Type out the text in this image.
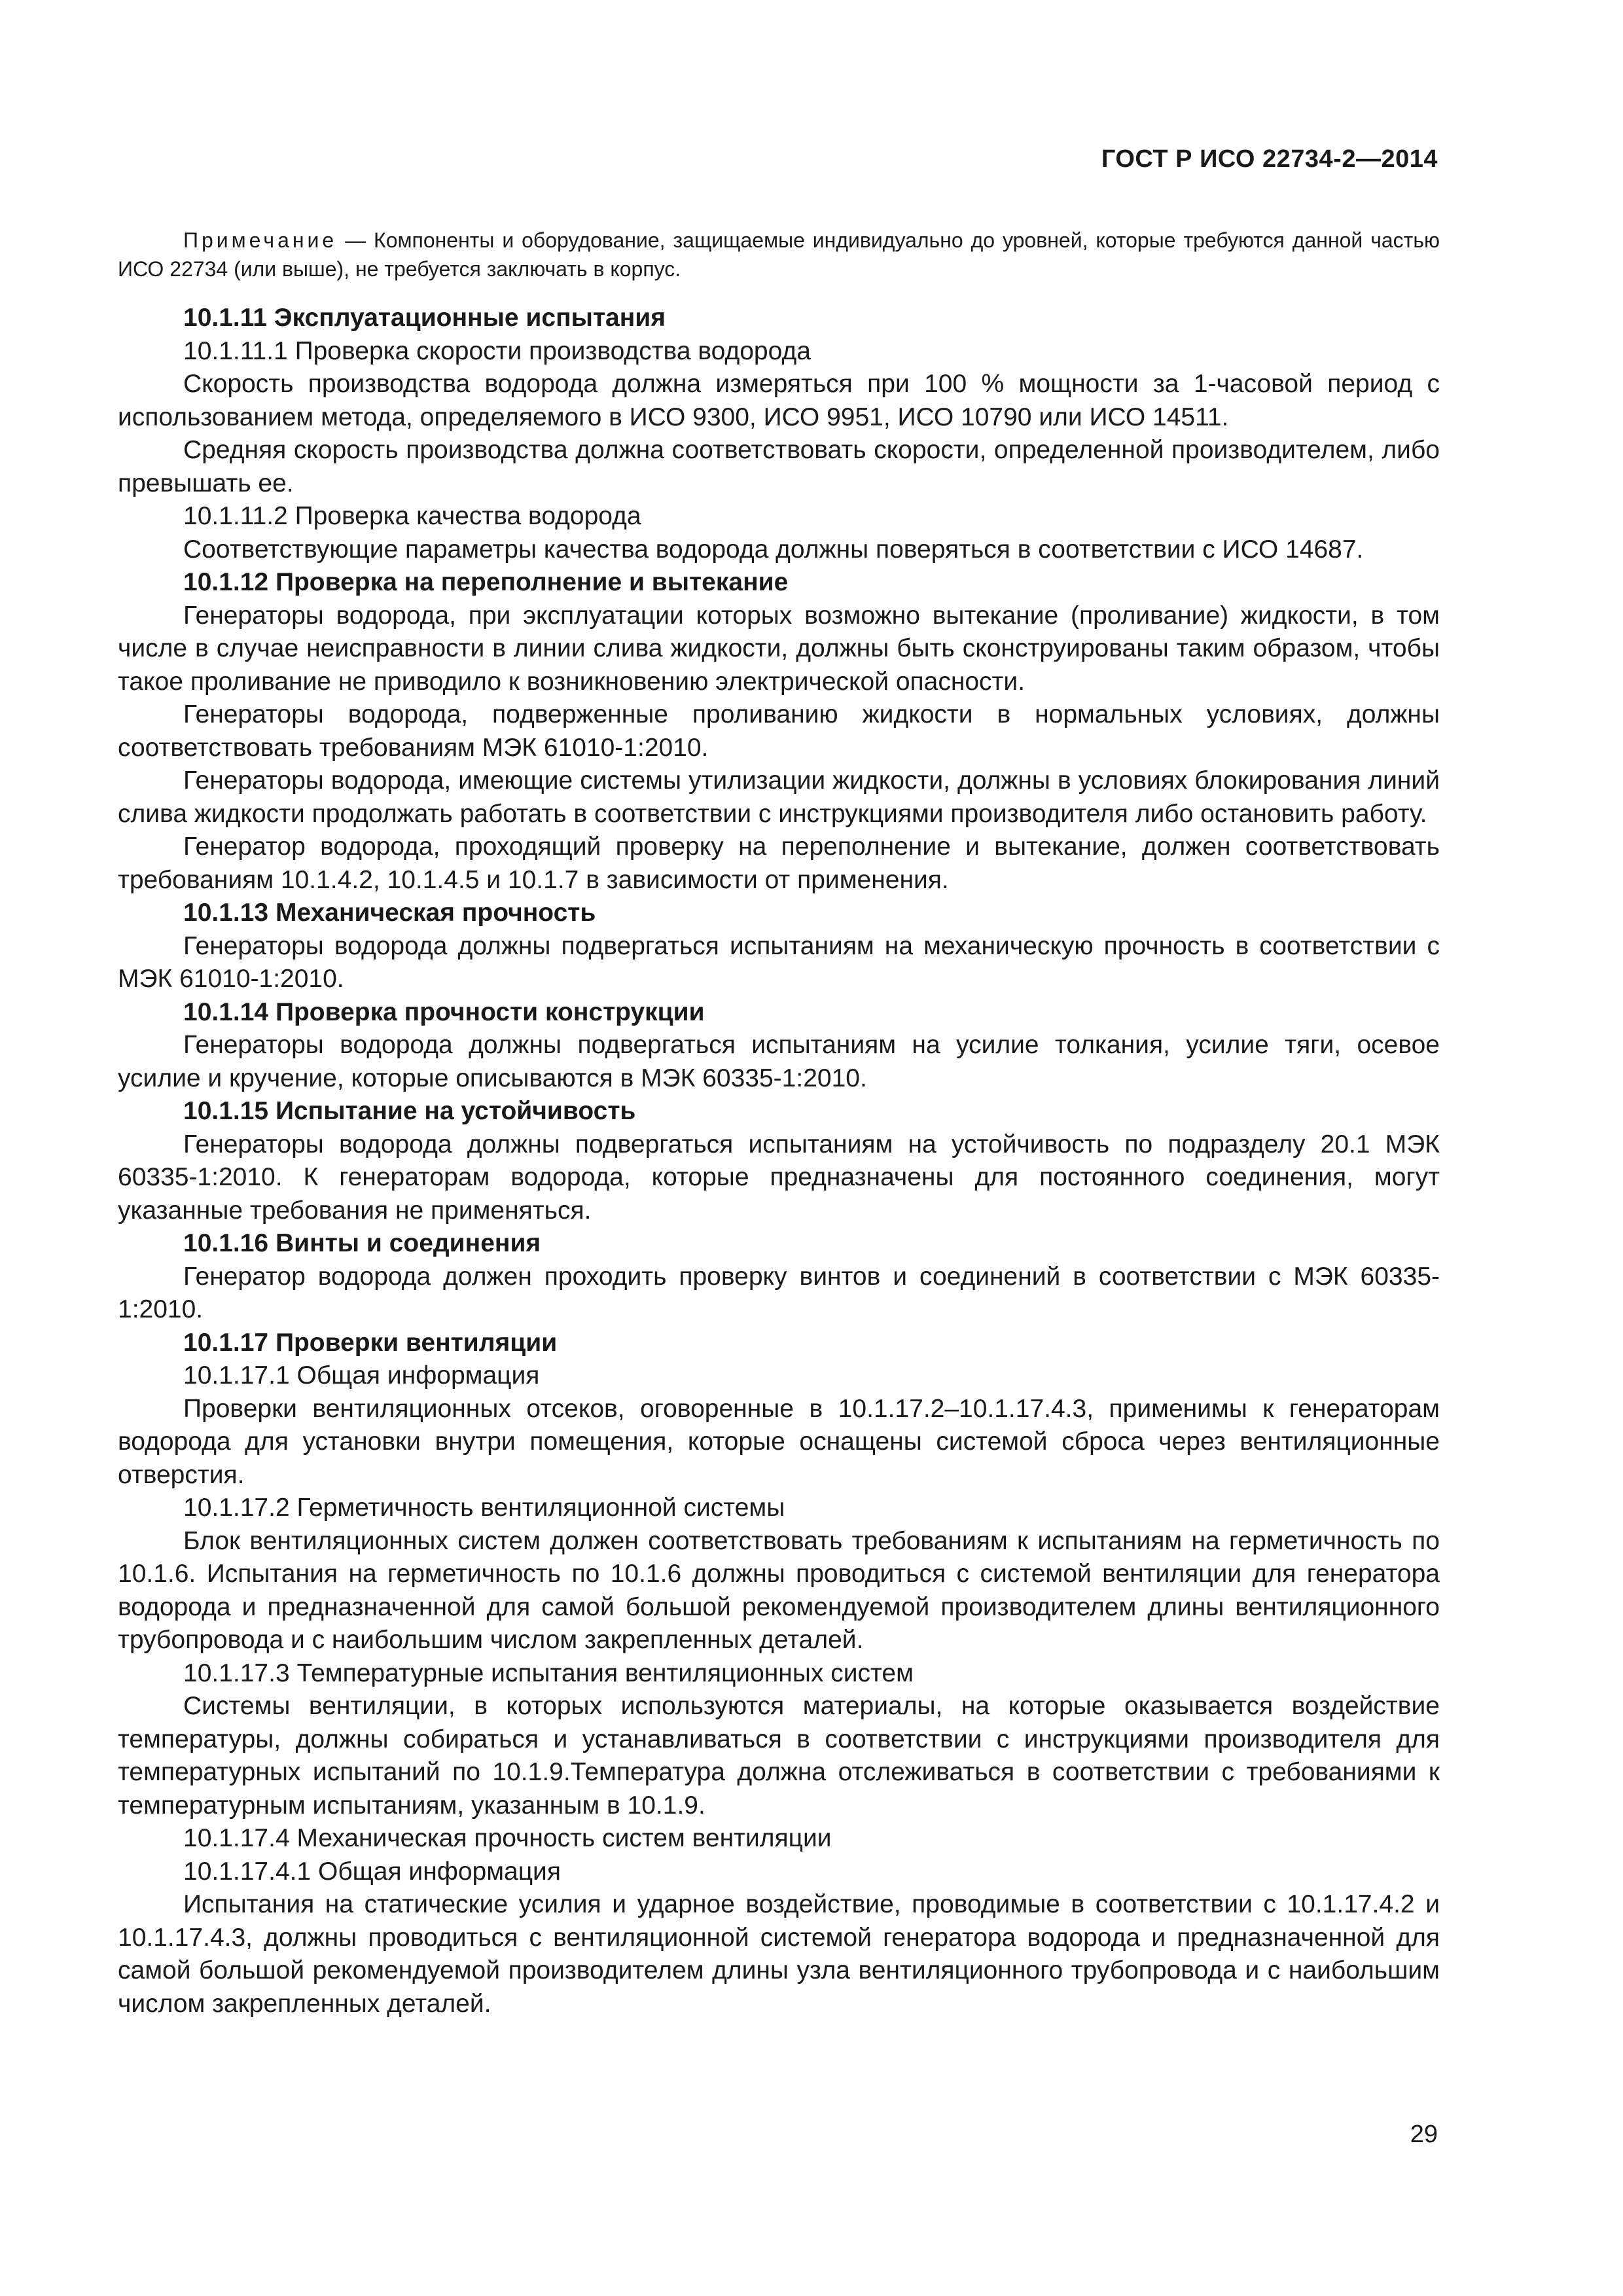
ГОСТ Р ИСО 22734-2—2014

Примечание — Компоненты и оборудование, защищаемые индивидуально до уровней, которые требуются данной частью ИСО 22734 (или выше), не требуется заключать в корпус.

10.1.11 Эксплуатационные испытания
10.1.11.1 Проверка скорости производства водорода
Скорость производства водорода должна измеряться при 100 % мощности за 1-часовой период с использованием метода, определяемого в ИСО 9300, ИСО 9951, ИСО 10790 или ИСО 14511.
Средняя скорость производства должна соответствовать скорости, определенной производителем, либо превышать ее.
10.1.11.2 Проверка качества водорода
Соответствующие параметры качества водорода должны поверяться в соответствии с ИСО 14687.
10.1.12 Проверка на переполнение и вытекание
Генераторы водорода, при эксплуатации которых возможно вытекание (проливание) жидкости, в том числе в случае неисправности в линии слива жидкости, должны быть сконструированы таким образом, чтобы такое проливание не приводило к возникновению электрической опасности.
Генераторы водорода, подверженные проливанию жидкости в нормальных условиях, должны соответствовать требованиям МЭК 61010-1:2010.
Генераторы водорода, имеющие системы утилизации жидкости, должны в условиях блокирования линий слива жидкости продолжать работать в соответствии с инструкциями производителя либо остановить работу.
Генератор водорода, проходящий проверку на переполнение и вытекание, должен соответствовать требованиям 10.1.4.2, 10.1.4.5 и 10.1.7 в зависимости от применения.
10.1.13 Механическая прочность
Генераторы водорода должны подвергаться испытаниям на механическую прочность в соответствии с МЭК 61010-1:2010.
10.1.14 Проверка прочности конструкции
Генераторы водорода должны подвергаться испытаниям на усилие толкания, усилие тяги, осевое усилие и кручение, которые описываются в МЭК 60335-1:2010.
10.1.15 Испытание на устойчивость
Генераторы водорода должны подвергаться испытаниям на устойчивость по подразделу 20.1 МЭК 60335-1:2010. К генераторам водорода, которые предназначены для постоянного соединения, могут указанные требования не применяться.
10.1.16 Винты и соединения
Генератор водорода должен проходить проверку винтов и соединений в соответствии с МЭК 60335-1:2010.
10.1.17 Проверки вентиляции
10.1.17.1 Общая информация
Проверки вентиляционных отсеков, оговоренные в 10.1.17.2–10.1.17.4.3, применимы к генераторам водорода для установки внутри помещения, которые оснащены системой сброса через вентиляционные отверстия.
10.1.17.2 Герметичность вентиляционной системы
Блок вентиляционных систем должен соответствовать требованиям к испытаниям на герметичность по 10.1.6. Испытания на герметичность по 10.1.6 должны проводиться с системой вентиляции для генератора водорода и предназначенной для самой большой рекомендуемой производителем длины вентиляционного трубопровода и с наибольшим числом закрепленных деталей.
10.1.17.3 Температурные испытания вентиляционных систем
Системы вентиляции, в которых используются материалы, на которые оказывается воздействие температуры, должны собираться и устанавливаться в соответствии с инструкциями производителя для температурных испытаний по 10.1.9.Температура должна отслеживаться в соответствии с требованиями к температурным испытаниям, указанным в 10.1.9.
10.1.17.4 Механическая прочность систем вентиляции
10.1.17.4.1 Общая информация
Испытания на статические усилия и ударное воздействие, проводимые в соответствии с 10.1.17.4.2 и 10.1.17.4.3, должны проводиться с вентиляционной системой генератора водорода и предназначенной для самой большой рекомендуемой производителем длины узла вентиляционного трубопровода и с наибольшим числом закрепленных деталей.
29
